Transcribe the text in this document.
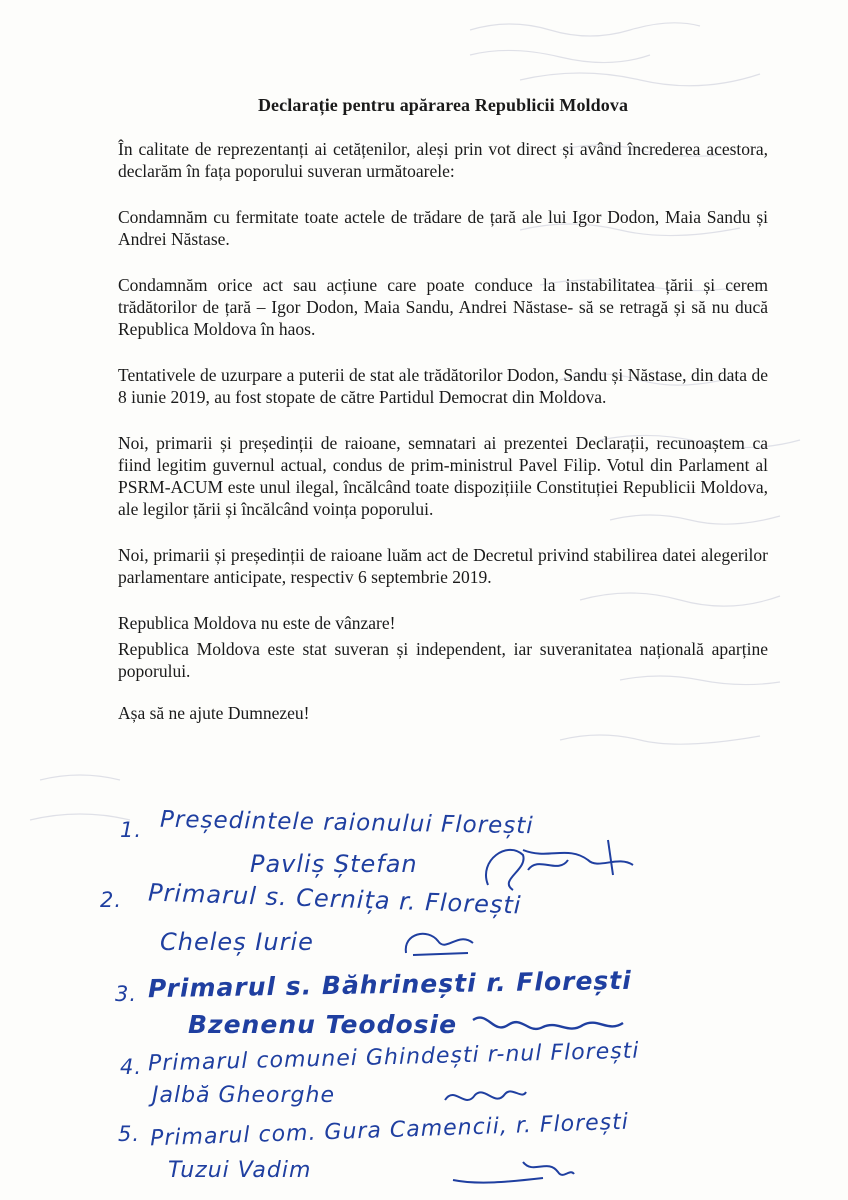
Declarație pentru apărarea Republicii Moldova

În calitate de reprezentanți ai cetățenilor, aleși prin vot direct și având încrederea acestora, declarăm în fața poporului suveran următoarele:

Condamnăm cu fermitate toate actele de trădare de țară ale lui Igor Dodon, Maia Sandu și Andrei Năstase.

Condamnăm orice act sau acțiune care poate conduce la instabilitatea țării și cerem trădătorilor de țară – Igor Dodon, Maia Sandu, Andrei Năstase- să se retragă și să nu ducă Republica Moldova în haos.

Tentativele de uzurpare a puterii de stat ale trădătorilor Dodon, Sandu și Năstase, din data de 8 iunie 2019, au fost stopate de către Partidul Democrat din Moldova.

Noi, primarii și președinții de raioane, semnatari ai prezentei Declarații, recunoaștem ca fiind legitim guvernul actual, condus de prim-ministrul Pavel Filip. Votul din Parlament al PSRM-ACUM este unul ilegal, încălcând toate dispozițiile Constituției Republicii Moldova, ale legilor țării și încălcând voința poporului.

Noi, primarii și președinții de raioane luăm act de Decretul privind stabilirea datei alegerilor parlamentare anticipate, respectiv 6 septembrie 2019.

Republica Moldova nu este de vânzare!

Republica Moldova este stat suveran și independent, iar suveranitatea națională aparține poporului.

Așa să ne ajute Dumnezeu!

1. Președintele raionului Florești
Pavliș Ștefan
2. Primarul s. Cernița r. Florești
Cheleș Iurie
3. Primarul s. Băhrinești r. Florești
Bzenenu Teodosie
4. Primarul comunei Ghindești r-nul Florești
Jalbă Gheorghe
5. Primarul com. Gura Camencii, r. Florești
Tuzui Vadim
